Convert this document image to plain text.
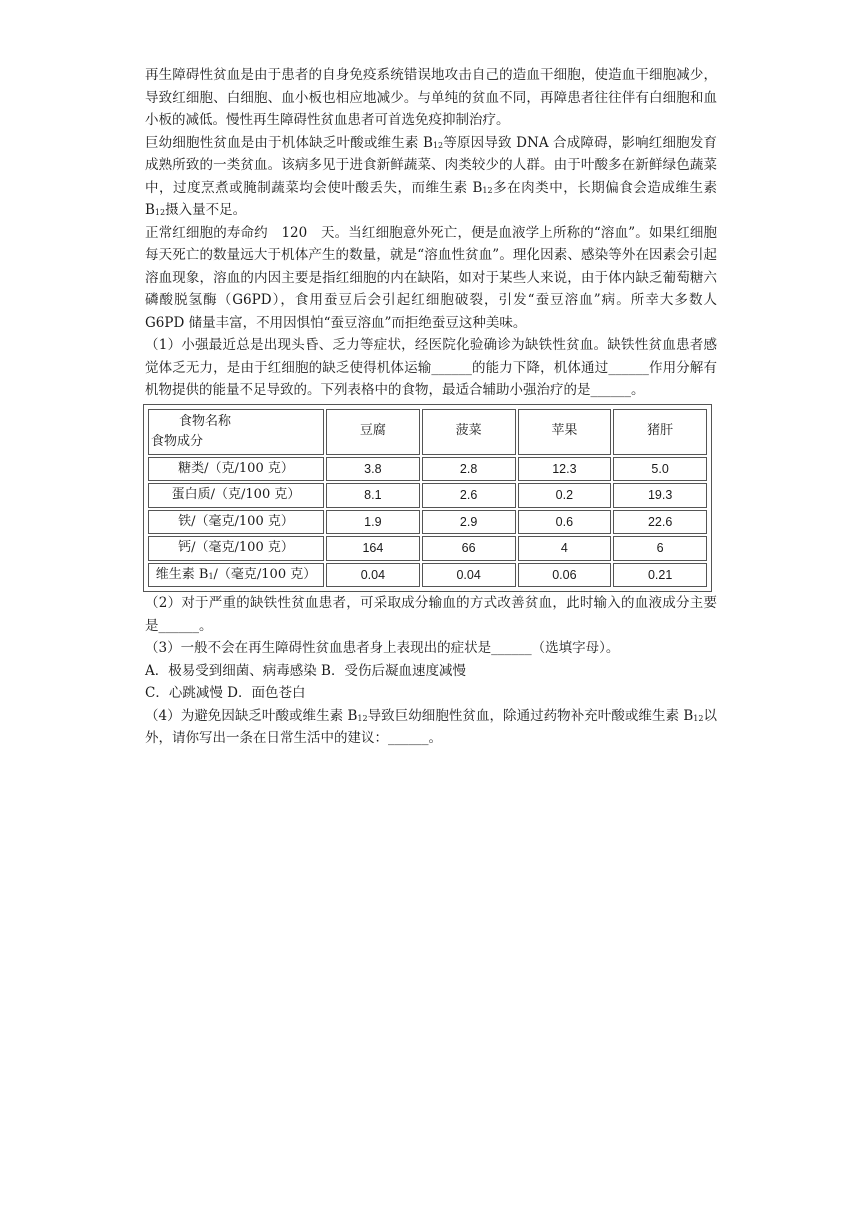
再生障碍性贫血是由于患者的自身免疫系统错误地攻击自己的造血干细胞，使造血干细胞减少，导致红细胞、白细胞、血小板也相应地减少。与单纯的贫血不同，再障患者往往伴有白细胞和血小板的减低。慢性再生障碍性贫血患者可首选免疫抑制治疗。

巨幼细胞性贫血是由于机体缺乏叶酸或维生素 $B_{12}$等原因导致 DNA 合成障碍，影响红细胞发育成熟所致的一类贫血。该病多见于进食新鲜蔬菜、肉类较少的人群。由于叶酸多在新鲜绿色蔬菜中，过度烹煮或腌制蔬菜均会使叶酸丢失，而维生素 $B_{12}$多在肉类中，长期偏食会造成维生素 $B_{12}$摄入量不足。

正常红细胞的寿命约　120　天。当红细胞意外死亡，便是血液学上所称的“溶血”。如果红细胞每天死亡的数量远大于机体产生的数量，就是“溶血性贫血”。理化因素、感染等外在因素会引起溶血现象，溶血的内因主要是指红细胞的内在缺陷，如对于某些人来说，由于体内缺乏葡萄糖六磷酸脱氢酶（G6PD），食用蚕豆后会引起红细胞破裂，引发“蚕豆溶血”病。所幸大多数人 G6PD 储量丰富，不用因惧怕“蚕豆溶血”而拒绝蚕豆这种美味。

（1）小强最近总是出现头昏、乏力等症状，经医院化验确诊为缺铁性贫血。缺铁性贫血患者感觉体乏无力，是由于红细胞的缺乏使得机体运输______的能力下降，机体通过______作用分解有机物提供的能量不足导致的。下列表格中的食物，最适合辅助小强治疗的是______。

食物名称
食物成分	豆腐	菠菜	苹果	猪肝
糖类/（克/100 克）	3.8	2.8	12.3	5.0
蛋白质/（克/100 克）	8.1	2.6	0.2	19.3
铁/（毫克/100 克）	1.9	2.9	0.6	22.6
钙/（毫克/100 克）	164	66	4	6
维生素 $B_1/$（毫克/100 克）	0.04	0.04	0.06	0.21

（2）对于严重的缺铁性贫血患者，可采取成分输血的方式改善贫血，此时输入的血液成分主要是______。

（3）一般不会在再生障碍性贫血患者身上表现出的症状是______（选填字母）。

A．极易受到细菌、病毒感染 B．受伤后凝血速度减慢

C．心跳减慢 D．面色苍白

（4）为避免因缺乏叶酸或维生素 $B_{12}$导致巨幼细胞性贫血，除通过药物补充叶酸或维生素 $B_{12}$以外，请你写出一条在日常生活中的建议：______。
